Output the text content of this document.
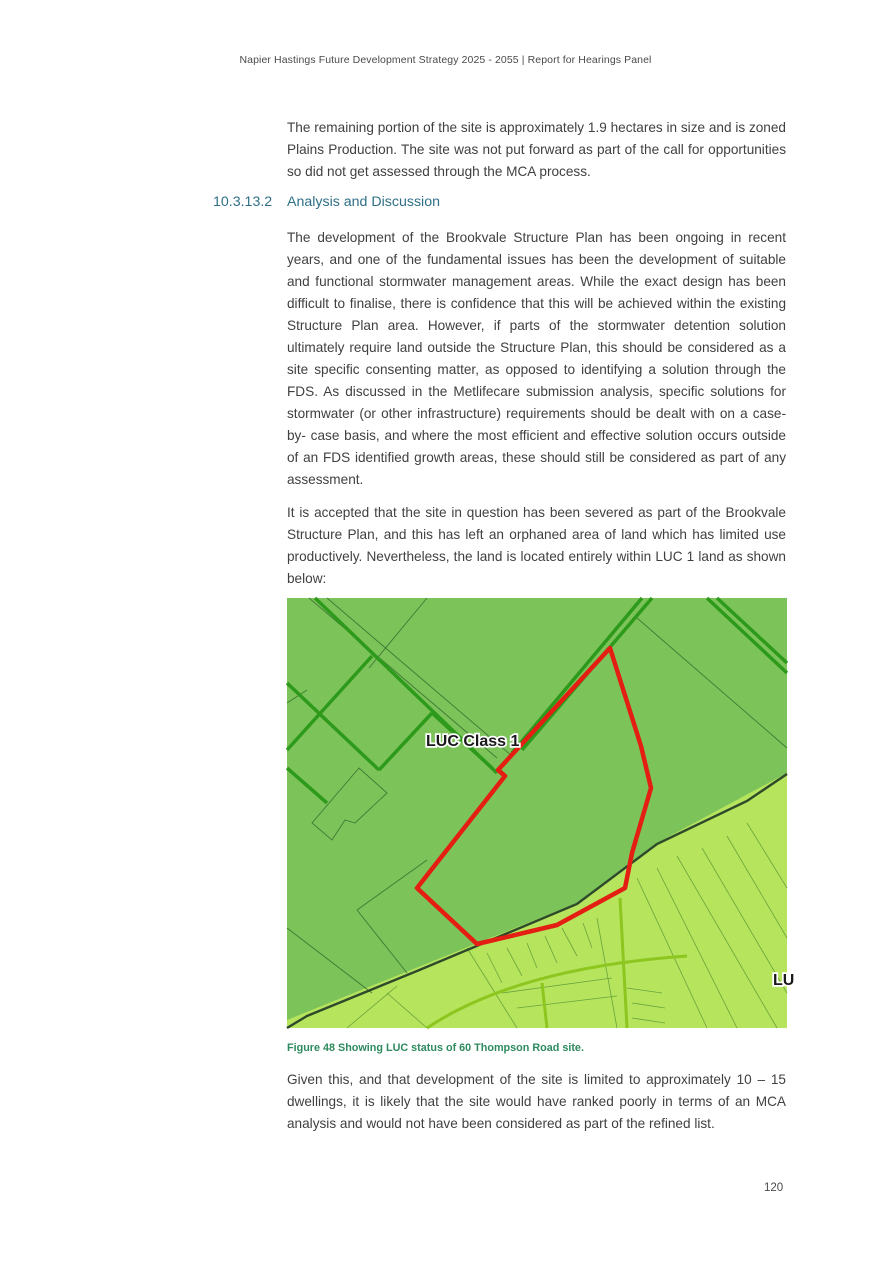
Napier Hastings Future Development Strategy 2025 - 2055 | Report for Hearings Panel

The remaining portion of the site is approximately 1.9 hectares in size and is zoned Plains Production. The site was not put forward as part of the call for opportunities so did not get assessed through the MCA process.

10.3.13.2 Analysis and Discussion

The development of the Brookvale Structure Plan has been ongoing in recent years, and one of the fundamental issues has been the development of suitable and functional stormwater management areas. While the exact design has been difficult to finalise, there is confidence that this will be achieved within the existing Structure Plan area. However, if parts of the stormwater detention solution ultimately require land outside the Structure Plan, this should be considered as a site specific consenting matter, as opposed to identifying a solution through the FDS. As discussed in the Metlifecare submission analysis, specific solutions for stormwater (or other infrastructure) requirements should be dealt with on a case-by- case basis, and where the most efficient and effective solution occurs outside of an FDS identified growth areas, these should still be considered as part of any assessment.

It is accepted that the site in question has been severed as part of the Brookvale Structure Plan, and this has left an orphaned area of land which has limited use productively. Nevertheless, the land is located entirely within LUC 1 land as shown below:

LUC Class 1
LU
Figure 48 Showing LUC status of 60 Thompson Road site.

Given this, and that development of the site is limited to approximately 10 – 15 dwellings, it is likely that the site would have ranked poorly in terms of an MCA analysis and would not have been considered as part of the refined list.

120
